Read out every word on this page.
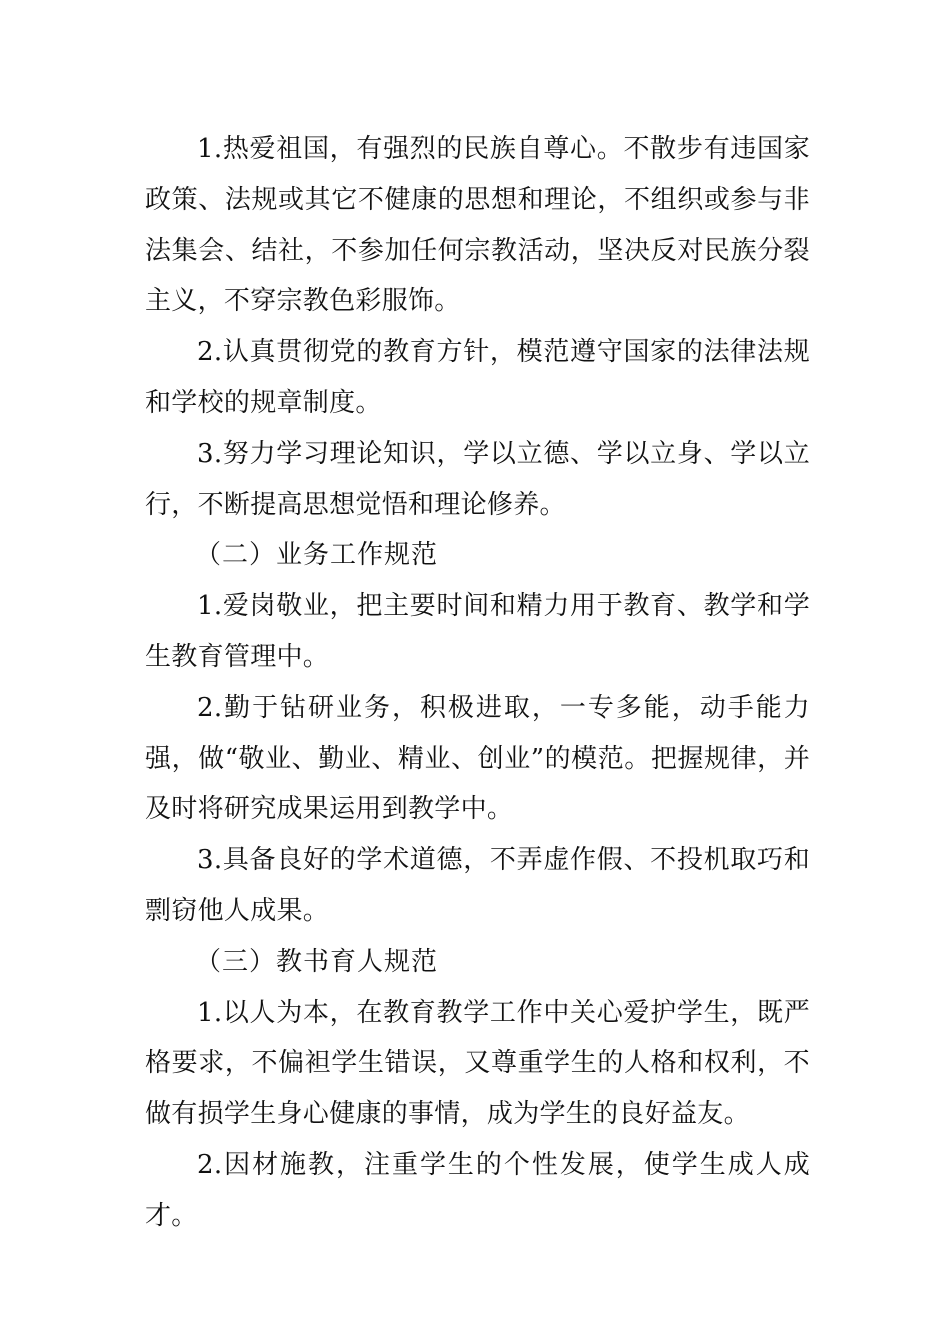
1.热爱祖国，有强烈的民族自尊心。不散步有违国家政策、法规或其它不健康的思想和理论，不组织或参与非法集会、结社，不参加任何宗教活动，坚决反对民族分裂主义，不穿宗教色彩服饰。

2.认真贯彻党的教育方针，模范遵守国家的法律法规和学校的规章制度。

3.努力学习理论知识，学以立德、学以立身、学以立行，不断提高思想觉悟和理论修养。

（二）业务工作规范

1.爱岗敬业，把主要时间和精力用于教育、教学和学生教育管理中。

2.勤于钻研业务，积极进取，一专多能，动手能力强，做“敬业、勤业、精业、创业”的模范。把握规律，并及时将研究成果运用到教学中。

3.具备良好的学术道德，不弄虚作假、不投机取巧和剽窃他人成果。

（三）教书育人规范

1.以人为本，在教育教学工作中关心爱护学生，既严格要求，不偏袒学生错误，又尊重学生的人格和权利，不做有损学生身心健康的事情，成为学生的良好益友。

2.因材施教，注重学生的个性发展，使学生成人成才。
